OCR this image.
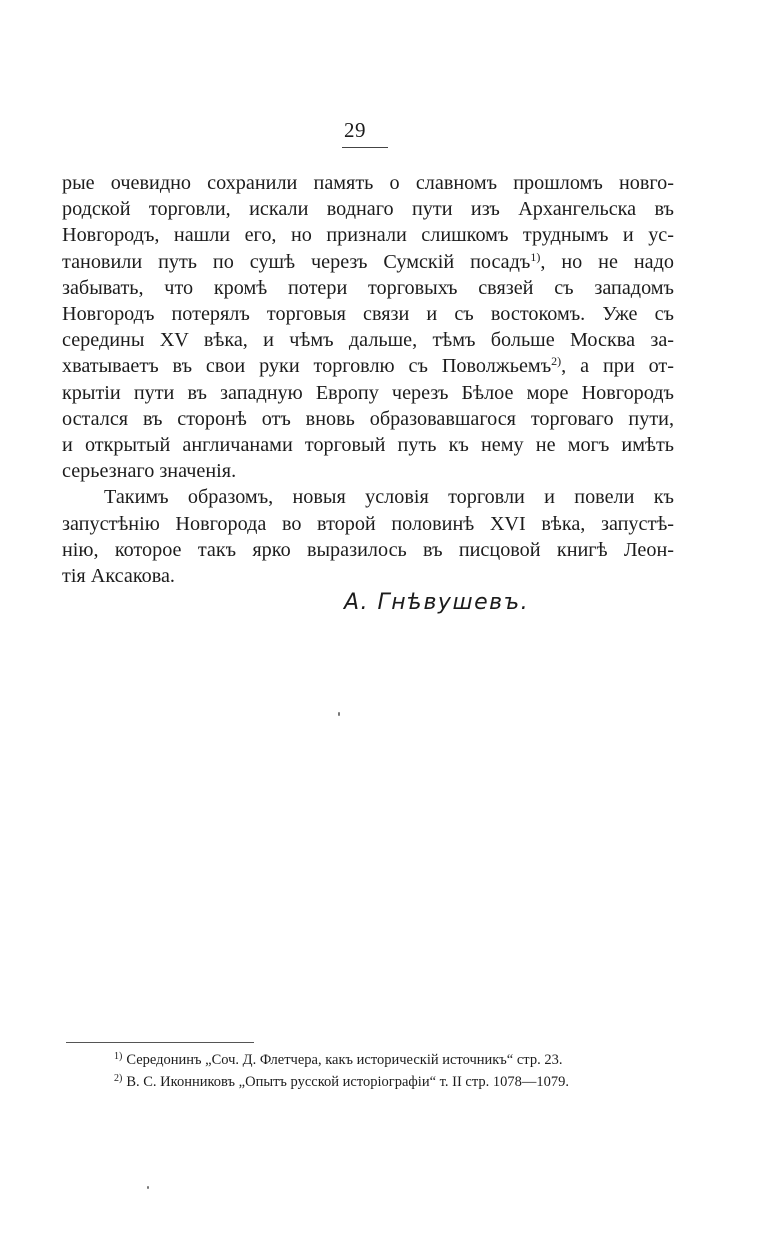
29
рые очевидно сохранили память о славномъ прошломъ новго-
родской торговли, искали воднаго пути изъ Архангельска въ
Новгородъ, нашли его, но признали слишкомъ труднымъ и ус-
тановили путь по сушѣ черезъ Сумскій посадъ$^{1)}$, но не надо
забывать, что кромѣ потери торговыхъ связей съ западомъ
Новгородъ потерялъ торговыя связи и съ востокомъ. Уже съ
середины XV вѣка, и чѣмъ дальше, тѣмъ больше Москва за-
хватываетъ въ свои руки торговлю съ Поволжьемъ$^{2)}$, а при от-
крытіи пути въ западную Европу черезъ Бѣлое море Новгородъ
остался въ сторонѣ отъ вновь образовавшагося торговаго пути,
и открытый англичанами торговый путь къ нему не могъ имѣть
серьезнаго значенія.
Такимъ образомъ, новыя условія торговли и повели къ
запустѣнію Новгорода во второй половинѣ XVI вѣка, запустѣ-
нію, которое такъ ярко выразилось въ писцовой книгѣ Леон-
тія Аксакова.
А. Гнѣвушевъ.
$^{1)}$ Середонинъ „Соч. Д. Флетчера, какъ историческій источникъ“ стр. 23.
$^{2)}$ В. С. Иконниковъ „Опытъ русской исторіографіи“ т. II стр. 1078—1079.
